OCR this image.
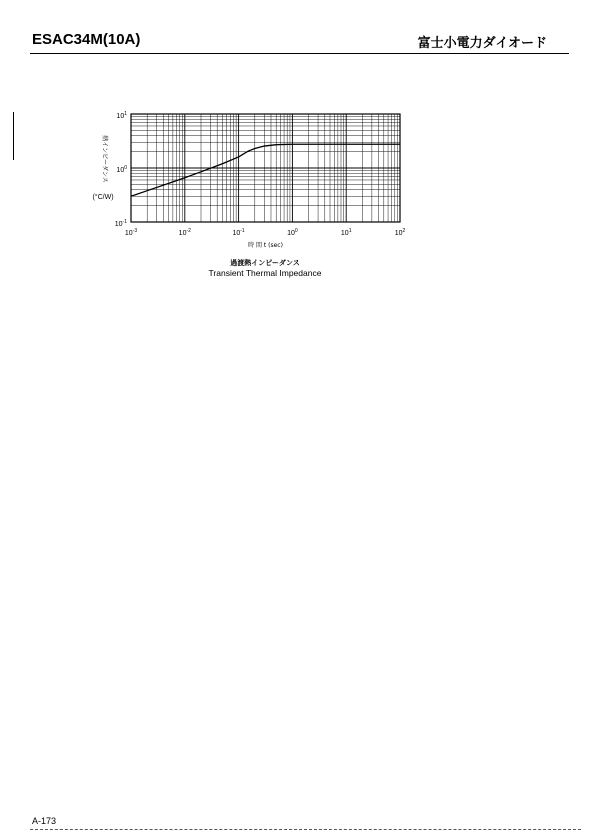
ESAC34M(10A)	富士小電力ダイオード
$10^{-3}$	$10^{-2}$	$10^{-1}$	$10^0$	$10^1$	$10^2$
$10^{-1}$
$10^0$
$10^1$
時 間 t (sec)
熱インピーダンス
(°C/W)
過渡熱インピーダンス
Transient Thermal Impedance
A-173
